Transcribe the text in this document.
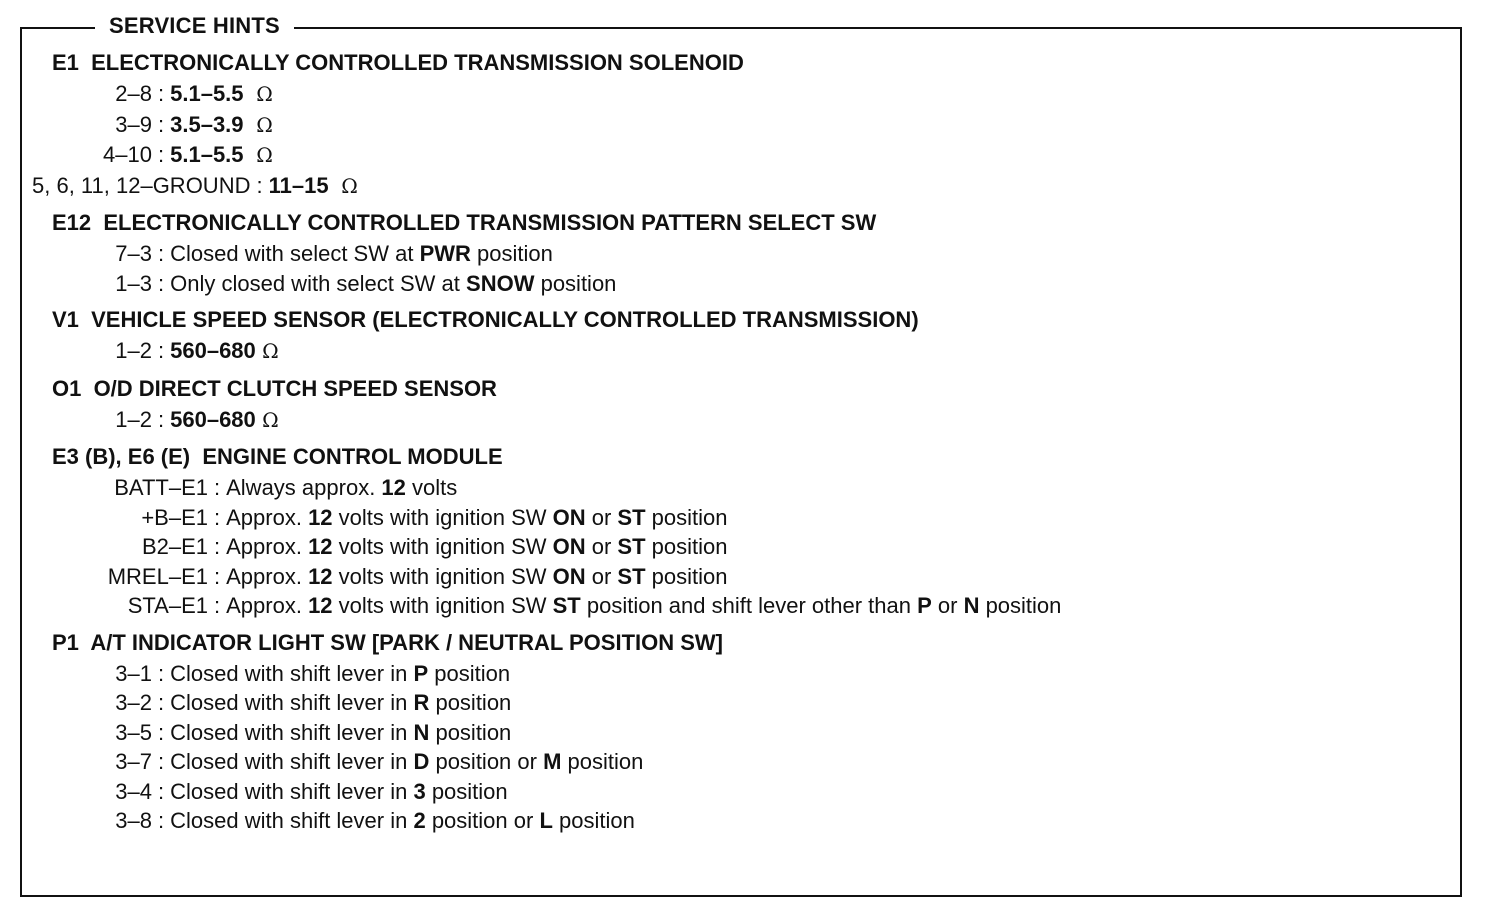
SERVICE HINTS
E1  ELECTRONICALLY CONTROLLED TRANSMISSION SOLENOID
2–8 : 5.1–5.5  Ω
3–9 : 3.5–3.9  Ω
4–10 : 5.1–5.5  Ω
5, 6, 11, 12–GROUND : 11–15  Ω
E12  ELECTRONICALLY CONTROLLED TRANSMISSION PATTERN SELECT SW
7–3 : Closed with select SW at PWR position
1–3 : Only closed with select SW at SNOW position
V1  VEHICLE SPEED SENSOR (ELECTRONICALLY CONTROLLED TRANSMISSION)
1–2 : 560–680 Ω
O1  O/D DIRECT CLUTCH SPEED SENSOR
1–2 : 560–680 Ω
E3 (B), E6 (E)  ENGINE CONTROL MODULE
BATT–E1 : Always approx. 12 volts
+B–E1 : Approx. 12 volts with ignition SW ON or ST position
B2–E1 : Approx. 12 volts with ignition SW ON or ST position
MREL–E1 : Approx. 12 volts with ignition SW ON or ST position
STA–E1 : Approx. 12 volts with ignition SW ST position and shift lever other than P or N position
P1  A/T INDICATOR LIGHT SW [PARK / NEUTRAL POSITION SW]
3–1 : Closed with shift lever in P position
3–2 : Closed with shift lever in R position
3–5 : Closed with shift lever in N position
3–7 : Closed with shift lever in D position or M position
3–4 : Closed with shift lever in 3 position
3–8 : Closed with shift lever in 2 position or L position
